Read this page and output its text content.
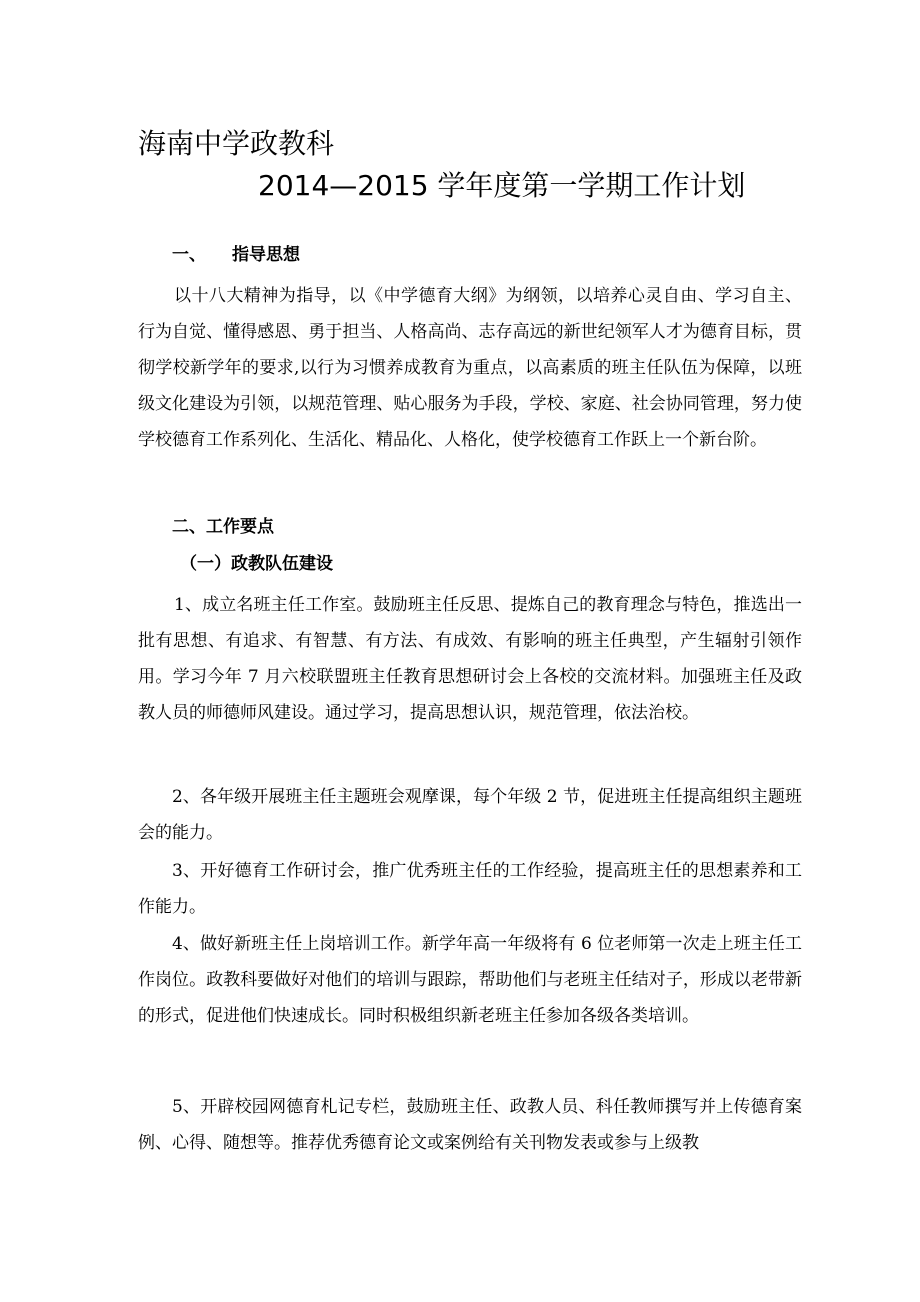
海南中学政教科
2014—2015 学年度第一学期工作计划
一、 指导思想

以十八大精神为指导，以《中学德育大纲》为纲领，以培养心灵自由、学习自主、行为自觉、懂得感恩、勇于担当、人格高尚、志存高远的新世纪领军人才为德育目标，贯彻学校新学年的要求,以行为习惯养成教育为重点，以高素质的班主任队伍为保障，以班级文化建设为引领，以规范管理、贴心服务为手段，学校、家庭、社会协同管理，努力使学校德育工作系列化、生活化、精品化、人格化，使学校德育工作跃上一个新台阶。

二、工作要点
（一）政教队伍建设

1、成立名班主任工作室。鼓励班主任反思、提炼自己的教育理念与特色，推选出一批有思想、有追求、有智慧、有方法、有成效、有影响的班主任典型，产生辐射引领作用。学习今年 7 月六校联盟班主任教育思想研讨会上各校的交流材料。加强班主任及政教人员的师德师风建设。通过学习，提高思想认识，规范管理，依法治校。

2、各年级开展班主任主题班会观摩课，每个年级 2 节，促进班主任提高组织主题班会的能力。

3、开好德育工作研讨会，推广优秀班主任的工作经验，提高班主任的思想素养和工作能力。

4、做好新班主任上岗培训工作。新学年高一年级将有 6 位老师第一次走上班主任工作岗位。政教科要做好对他们的培训与跟踪，帮助他们与老班主任结对子，形成以老带新的形式，促进他们快速成长。同时积极组织新老班主任参加各级各类培训。

5、开辟校园网德育札记专栏，鼓励班主任、政教人员、科任教师撰写并上传德育案例、心得、随想等。推荐优秀德育论文或案例给有关刊物发表或参与上级教
